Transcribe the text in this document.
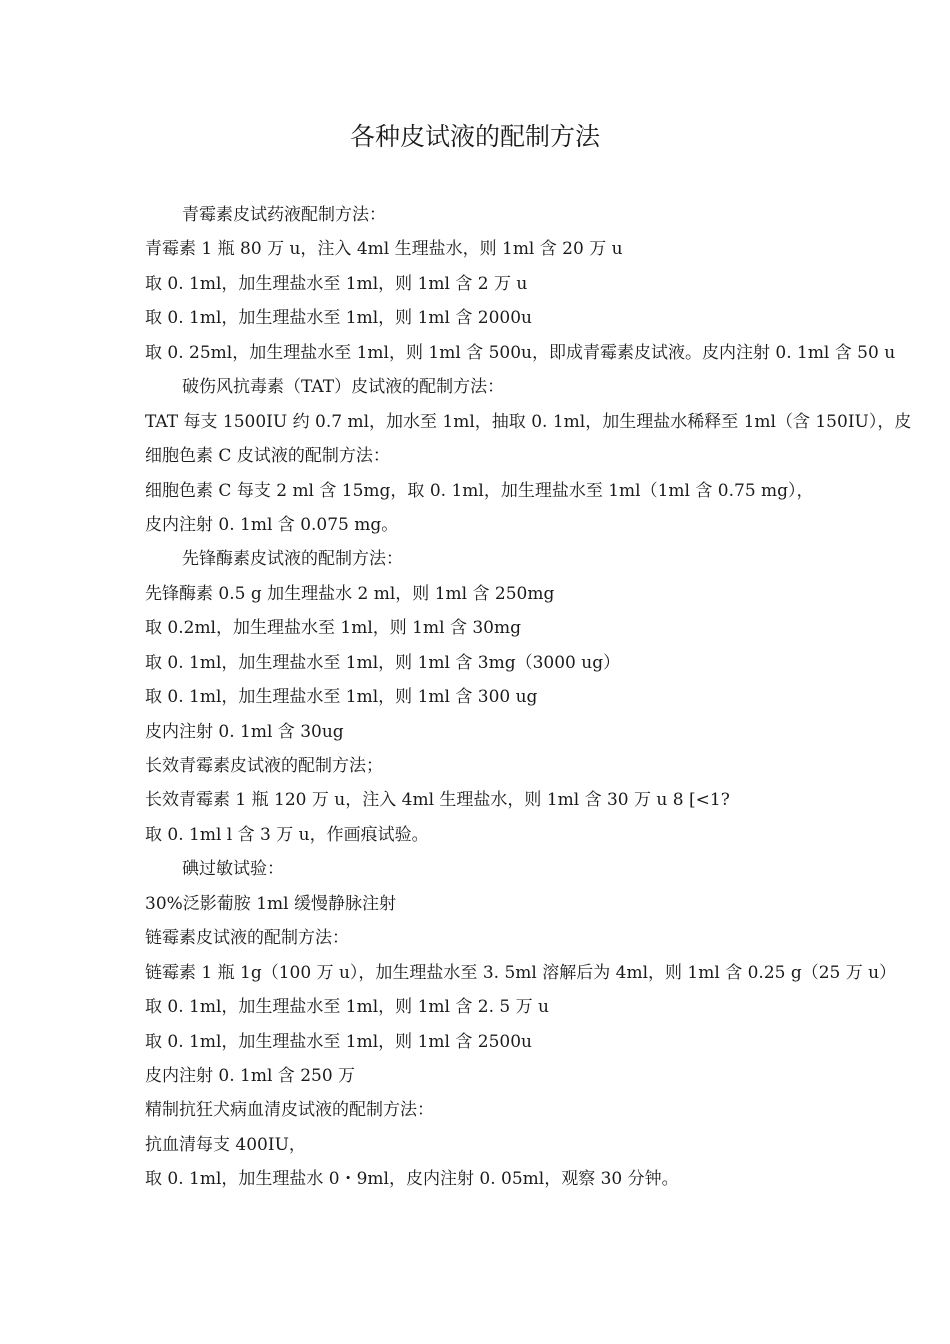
各种皮试液的配制方法

青霉素皮试药液配制方法：

青霉素 1 瓶 80 万 u，注入 4ml 生理盐水，则 1ml 含 20 万 u

取 0. 1ml，加生理盐水至 1ml，则 1ml 含 2 万 u

取 0. 1ml，加生理盐水至 1ml，则 1ml 含 2000u

取 0. 25ml，加生理盐水至 1ml，则 1ml 含 500u，即成青霉素皮试液。皮内注射 0. 1ml 含 50 u

破伤风抗毒素（TAT）皮试液的配制方法：

TAT 每支 1500IU 约 0.7 ml，加水至 1ml，抽取 0. 1ml，加生理盐水稀释至 1ml（含 150IU），皮

细胞色素 C 皮试液的配制方法：

细胞色素 C 每支 2 ml 含 15mg，取 0. 1ml，加生理盐水至 1ml（1ml 含 0.75 mg），

皮内注射 0. 1ml 含 0.075 mg。

先锋酶素皮试液的配制方法：

先锋酶素 0.5 g 加生理盐水 2 ml，则 1ml 含 250mg

取 0.2ml，加生理盐水至 1ml，则 1ml 含 30mg

取 0. 1ml，加生理盐水至 1ml，则 1ml 含 3mg（3000 ug）

取 0. 1ml，加生理盐水至 1ml，则 1ml 含 300 ug

皮内注射 0. 1ml 含 30ug

长效青霉素皮试液的配制方法；

长效青霉素 1 瓶 120 万 u，注入 4ml 生理盐水，则 1ml 含 30 万 u 8 [<1?

取 0. 1ml l 含 3 万 u，作画痕试验。

碘过敏试验：

30%泛影葡胺 1ml 缓慢静脉注射

链霉素皮试液的配制方法：

链霉素 1 瓶 1g（100 万 u），加生理盐水至 3. 5ml 溶解后为 4ml，则 1ml 含 0.25 g（25 万 u）

取 0. 1ml，加生理盐水至 1ml，则 1ml 含 2. 5 万 u

取 0. 1ml，加生理盐水至 1ml，则 1ml 含 2500u

皮内注射 0. 1ml 含 250 万

精制抗狂犬病血清皮试液的配制方法：

抗血清每支 400IU，

取 0. 1ml，加生理盐水 0・9ml，皮内注射 0. 05ml，观察 30 分钟。
